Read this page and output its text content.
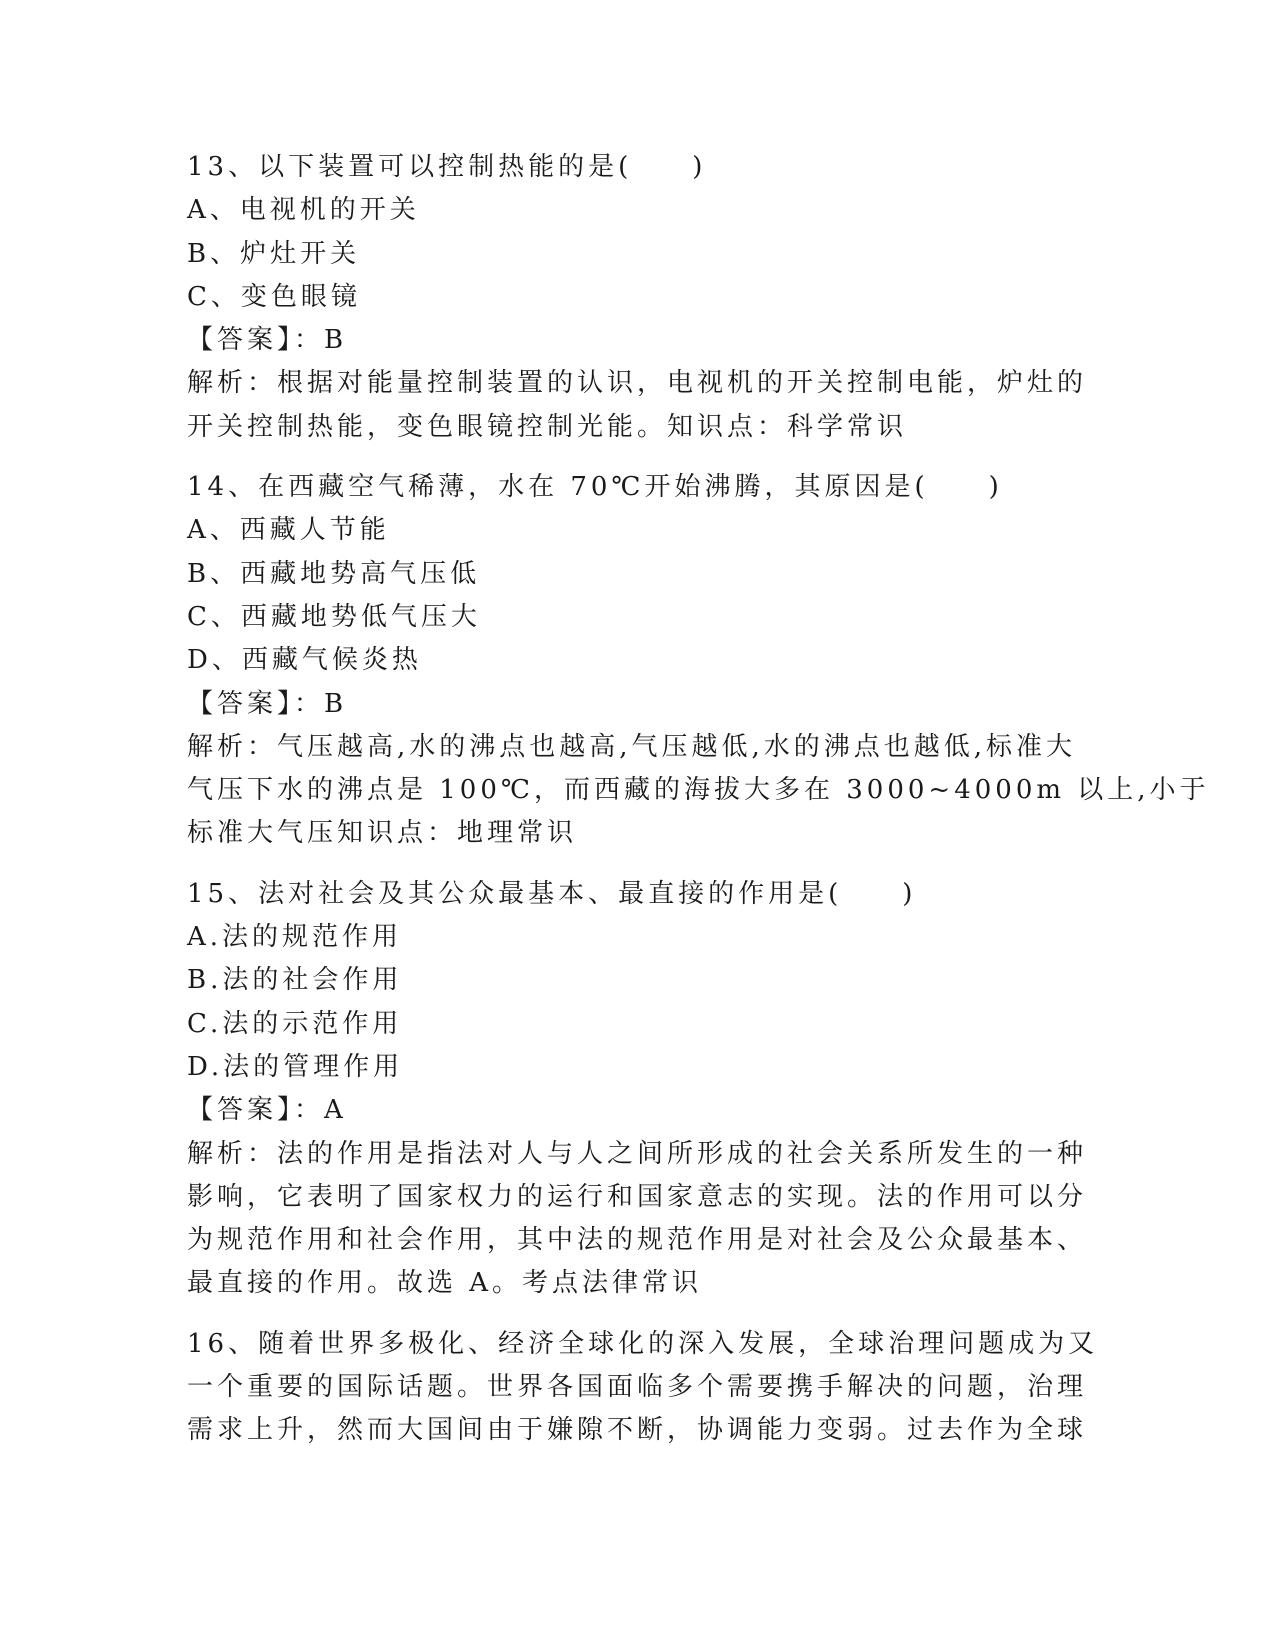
13、以下装置可以控制热能的是( )
A、电视机的开关
B、炉灶开关
C、变色眼镜
【答案】：B
解析：根据对能量控制装置的认识，电视机的开关控制电能，炉灶的
开关控制热能，变色眼镜控制光能。知识点：科学常识
14、在西藏空气稀薄，水在 70℃开始沸腾，其原因是( )
A、西藏人节能
B、西藏地势高气压低
C、西藏地势低气压大
D、西藏气候炎热
【答案】：B
解析：气压越高,水的沸点也越高,气压越低,水的沸点也越低,标准大
气压下水的沸点是 100℃，而西藏的海拔大多在 3000~4000m 以上,小于
标准大气压知识点：地理常识
15、法对社会及其公众最基本、最直接的作用是( )
A.法的规范作用
B.法的社会作用
C.法的示范作用
D.法的管理作用
【答案】：A
解析：法的作用是指法对人与人之间所形成的社会关系所发生的一种
影响，它表明了国家权力的运行和国家意志的实现。法的作用可以分
为规范作用和社会作用，其中法的规范作用是对社会及公众最基本、
最直接的作用。故选 A。考点法律常识
16、随着世界多极化、经济全球化的深入发展，全球治理问题成为又
一个重要的国际话题。世界各国面临多个需要携手解决的问题，治理
需求上升，然而大国间由于嫌隙不断，协调能力变弱。过去作为全球
